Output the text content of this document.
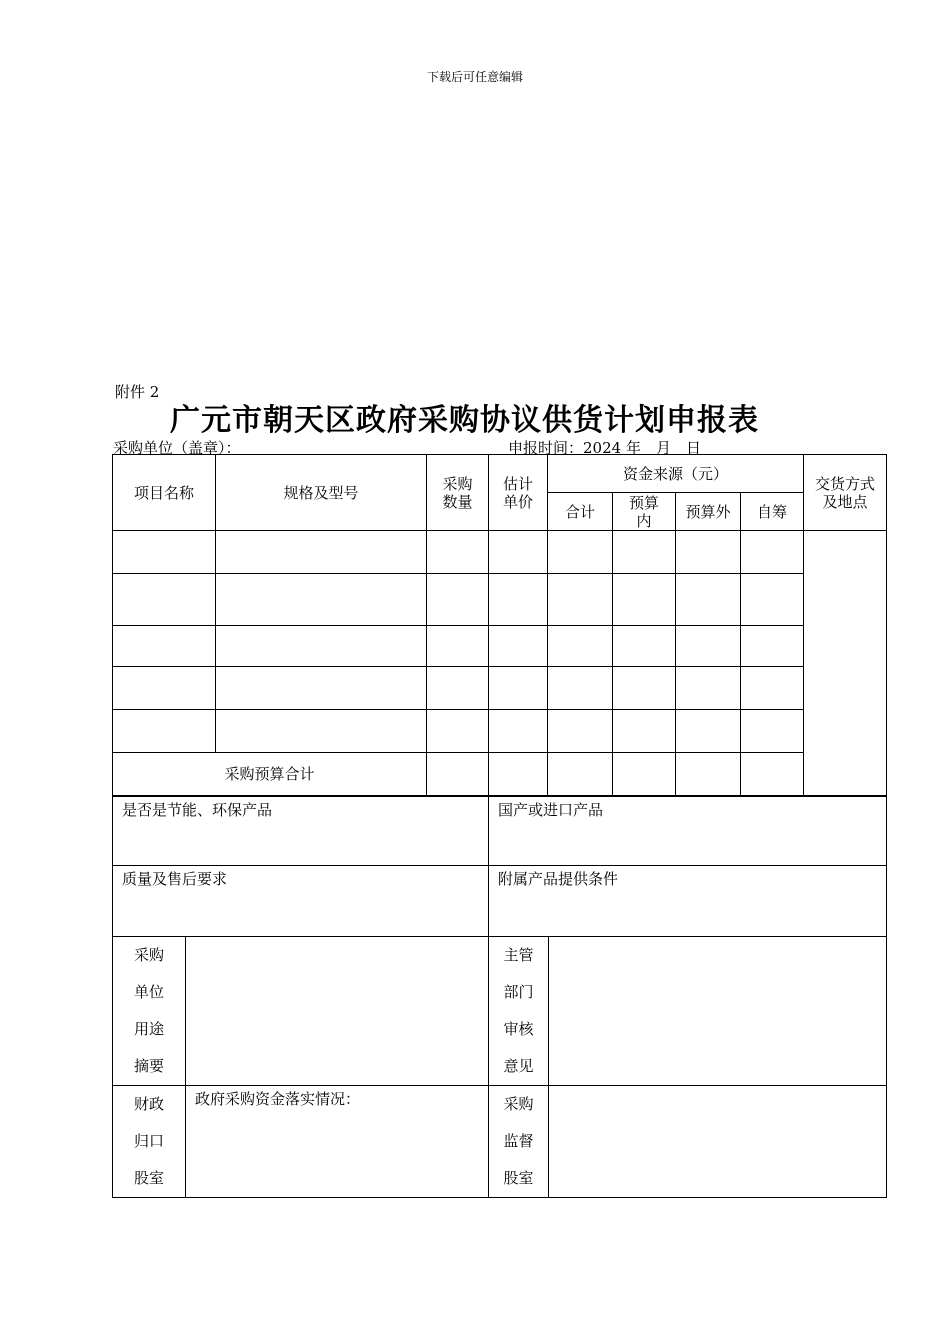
下载后可任意编辑
附件 2
广元市朝天区政府采购协议供货计划申报表
采购单位（盖章）：	申报时间：2024 年　月　日
项目名称	规格及型号	采购数量	估计单价	资金来源（元）				交货方式及地点

				合计	预算内	预算外	自筹	

采购预算合计								
是否是节能、环保产品		国产或进口产品	
质量及售后要求		附属产品提供条件	

采购
单位
用途
摘要		主管
部门
审核
意见	

财政
归口
股室	政府采购资金落实情况：	采购
监督
股室	
